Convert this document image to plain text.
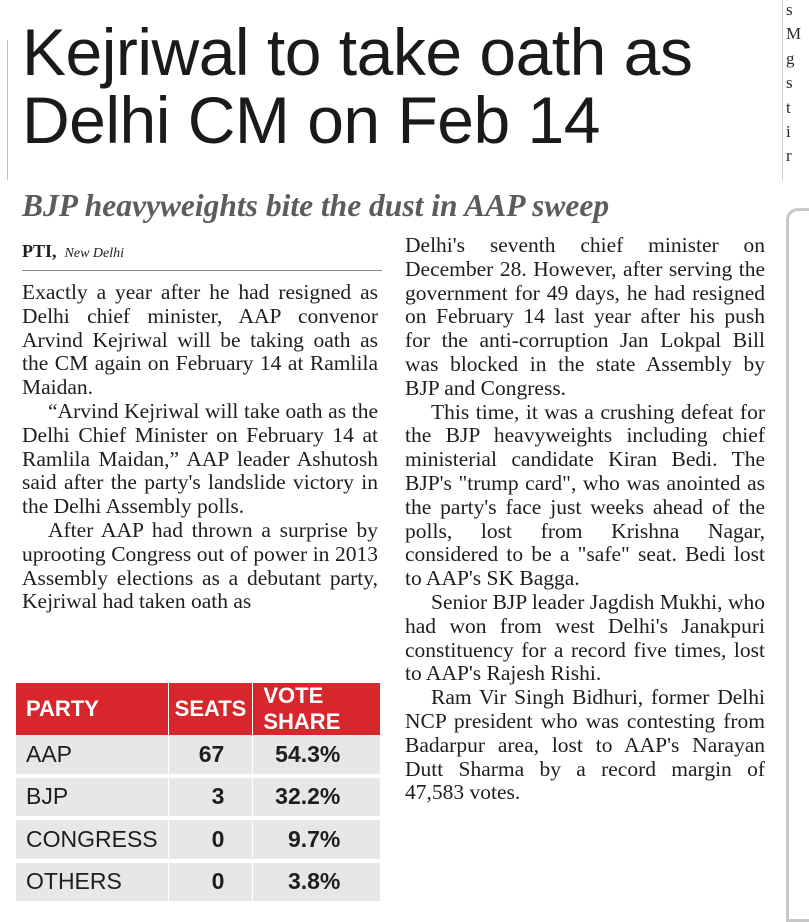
Kejriwal to take oath as Delhi CM on Feb 14
BJP heavyweights bite the dust in AAP sweep
PTI, New Delhi

Exactly a year after he had resigned as Delhi chief minister, AAP convenor Arvind Kejriwal will be taking oath as the CM again on February 14 at Ramlila Maidan.

“Arvind Kejriwal will take oath as the Delhi Chief Minister on February 14 at Ramlila Maidan,” AAP leader Ashutosh said after the party's landslide victory in the Delhi Assembly polls.

After AAP had thrown a surprise by uprooting Congress out of power in 2013 Assembly elections as a debutant party, Kejriwal had taken oath as

Delhi's seventh chief minister on December 28. However, after serving the government for 49 days, he had resigned on February 14 last year after his push for the anti-corruption Jan Lokpal Bill was blocked in the state Assembly by BJP and Congress.

This time, it was a crushing defeat for the BJP heavyweights including chief ministerial candidate Kiran Bedi. The BJP's "trump card", who was anointed as the party's face just weeks ahead of the polls, lost from Krishna Nagar, considered to be a "safe" seat. Bedi lost to AAP's SK Bagga.

Senior BJP leader Jagdish Mukhi, who had won from west Delhi's Janakpuri constituency for a record five times, lost to AAP's Rajesh Rishi.

Ram Vir Singh Bidhuri, former Delhi NCP president who was contesting from Badarpur area, lost to AAP's Narayan Dutt Sharma by a record margin of 47,583 votes.

PARTY	SEATS	VOTE SHARE
AAP	67	54.3%
BJP	3	32.2%
CONGRESS	0	9.7%
OTHERS	0	3.8%
s
M
g
s
t
i
r
